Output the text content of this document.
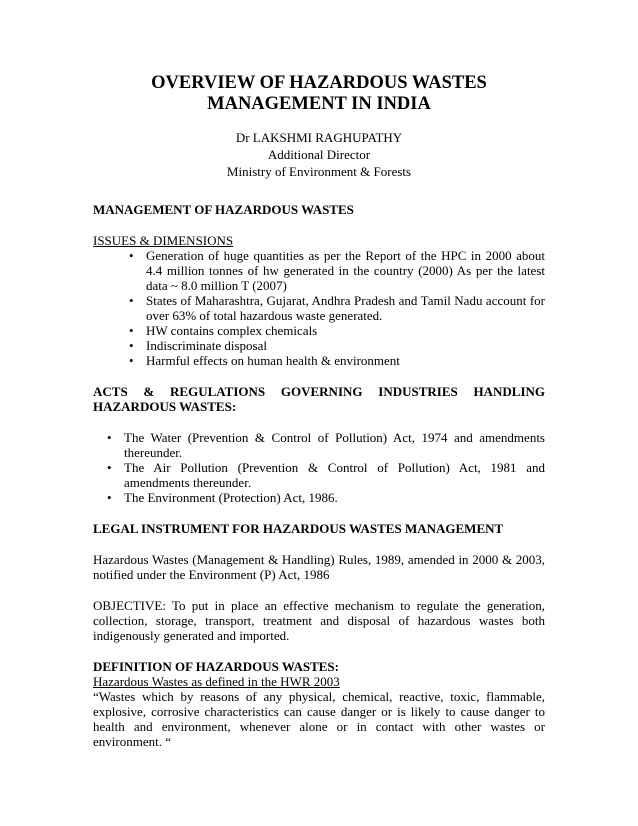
OVERVIEW OF HAZARDOUS WASTES MANAGEMENT IN INDIA
Dr LAKSHMI RAGHUPATHY
Additional Director
Ministry of Environment & Forests

MANAGEMENT OF HAZARDOUS WASTES

ISSUES & DIMENSIONS

• Generation of huge quantities as per the Report of the HPC in 2000 about 4.4 million tonnes of hw generated in the country (2000) As per the latest data ~ 8.0 million T (2007)
• States of Maharashtra, Gujarat, Andhra Pradesh and Tamil Nadu account for over 63% of total hazardous waste generated.
• HW contains complex chemicals
• Indiscriminate disposal
• Harmful effects on human health & environment

ACTS & REGULATIONS GOVERNING INDUSTRIES HANDLING HAZARDOUS WASTES:

• The Water (Prevention & Control of Pollution) Act, 1974 and amendments thereunder.
• The Air Pollution (Prevention & Control of Pollution) Act, 1981 and amendments thereunder.
• The Environment (Protection) Act, 1986.

LEGAL INSTRUMENT FOR HAZARDOUS WASTES MANAGEMENT

Hazardous Wastes (Management & Handling) Rules, 1989, amended in 2000 & 2003, notified under the Environment (P) Act, 1986

OBJECTIVE: To put in place an effective mechanism to regulate the generation, collection, storage, transport, treatment and disposal of hazardous wastes both indigenously generated and imported.

DEFINITION OF HAZARDOUS WASTES:

Hazardous Wastes as defined in the HWR 2003

“Wastes which by reasons of any physical, chemical, reactive, toxic, flammable, explosive, corrosive characteristics can cause danger or is likely to cause danger to health and environment, whenever alone or in contact with other wastes or environment. “
